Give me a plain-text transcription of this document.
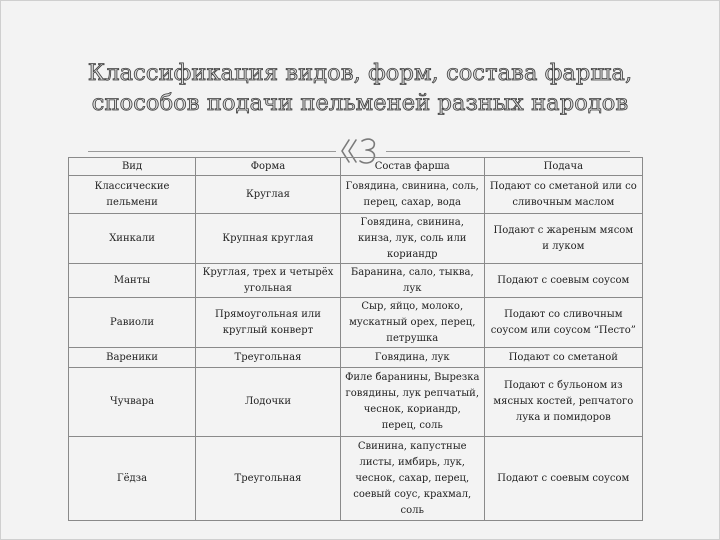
Классификация видов, форм, состава фарша,
способов подачи пельменей разных народов
Вид	Форма	Состав фарша	Подача
Классические пельмени	Круглая	Говядина, свинина, соль, перец, сахар, вода	Подают со сметаной или со сливочным маслом
Хинкали	Крупная круглая	Говядина, свинина, кинза, лук, соль или кориандр	Подают с жареным мясом и луком
Манты	Круглая, трех и четырёх угольная	Баранина, сало, тыква, лук	Подают с соевым соусом
Равиоли	Прямоугольная или круглый конверт	Сыр, яйцо, молоко, мускатный орех, перец, петрушка	Подают со сливочным соусом или соусом “Песто”
Вареники	Треугольная	Говядина, лук	Подают со сметаной
Чучвара	Лодочки	Филе баранины, Вырезка говядины, лук репчатый, чеснок, кориандр, перец, соль	Подают с бульоном из мясных костей, репчатого лука и помидоров
Гёдза	Треугольная	Свинина, капустные листы, имбирь, лук, чеснок, сахар, перец, соевый соус, крахмал, соль	Подают с соевым соусом
